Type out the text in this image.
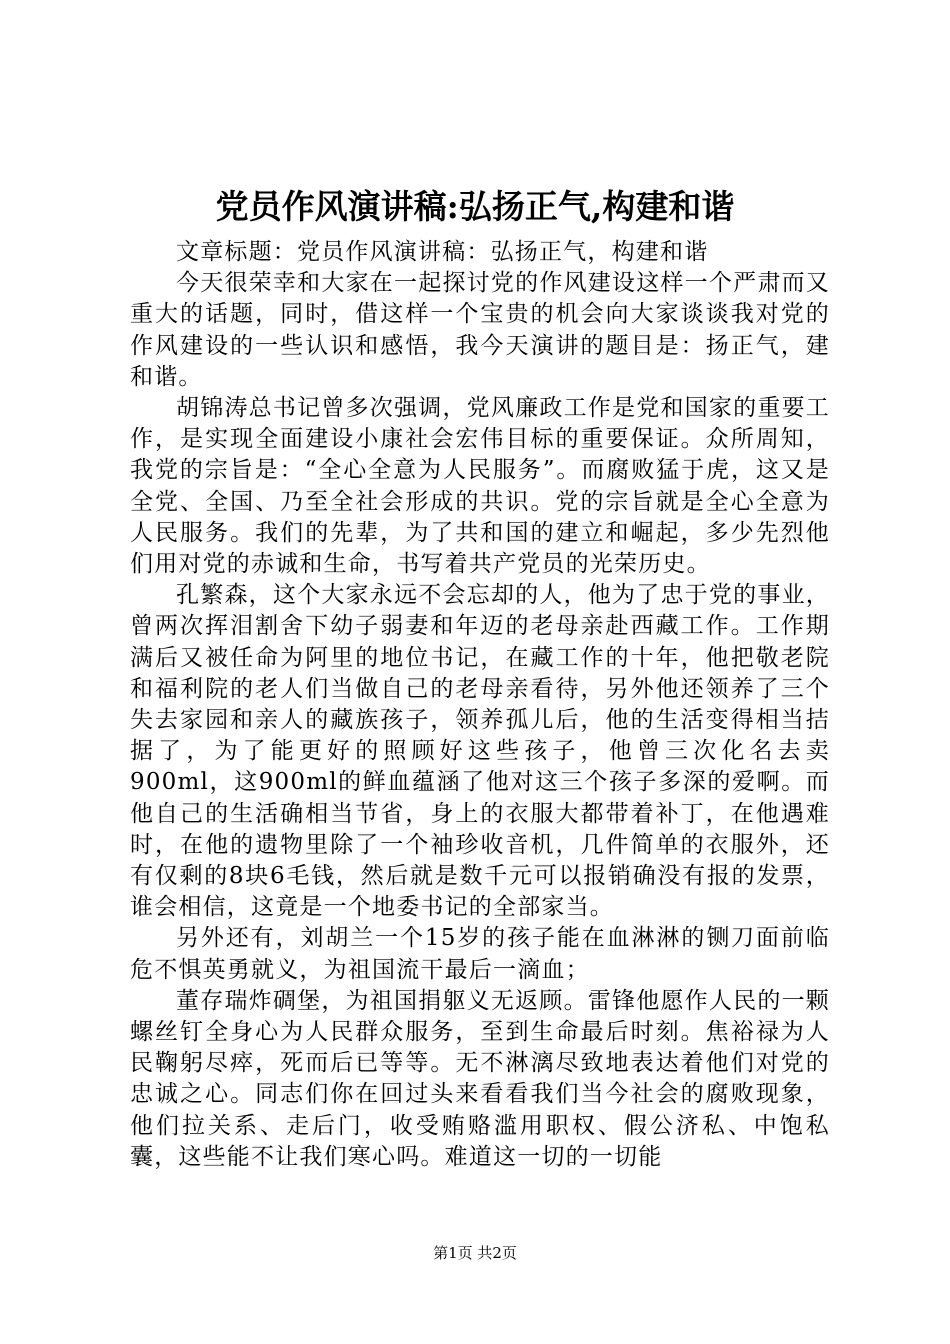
党员作风演讲稿:弘扬正气,构建和谐

文章标题：党员作风演讲稿：弘扬正气，构建和谐

今天很荣幸和大家在一起探讨党的作风建设这样一个严肃而又重大的话题，同时，借这样一个宝贵的机会向大家谈谈我对党的作风建设的一些认识和感悟，我今天演讲的题目是：扬正气，建和谐。

胡锦涛总书记曾多次强调，党风廉政工作是党和国家的重要工作，是实现全面建设小康社会宏伟目标的重要保证。众所周知，我党的宗旨是：“全心全意为人民服务”。而腐败猛于虎，这又是全党、全国、乃至全社会形成的共识。党的宗旨就是全心全意为人民服务。我们的先辈，为了共和国的建立和崛起，多少先烈他们用对党的赤诚和生命，书写着共产党员的光荣历史。

孔繁森，这个大家永远不会忘却的人，他为了忠于党的事业，曾两次挥泪割舍下幼子弱妻和年迈的老母亲赴西藏工作。工作期满后又被任命为阿里的地位书记，在藏工作的十年，他把敬老院和福利院的老人们当做自己的老母亲看待，另外他还领养了三个失去家园和亲人的藏族孩子，领养孤儿后，他的生活变得相当拮据了，为了能更好的照顾好这些孩子，他曾三次化名去卖900ml，这900ml的鲜血蕴涵了他对这三个孩子多深的爱啊。而他自己的生活确相当节省，身上的衣服大都带着补丁，在他遇难时，在他的遗物里除了一个袖珍收音机，几件简单的衣服外，还有仅剩的8块6毛钱，然后就是数千元可以报销确没有报的发票，谁会相信，这竟是一个地委书记的全部家当。

另外还有，刘胡兰一个15岁的孩子能在血淋淋的铡刀面前临危不惧英勇就义，为祖国流干最后一滴血；

董存瑞炸碉堡，为祖国捐躯义无返顾。雷锋他愿作人民的一颗螺丝钉全身心为人民群众服务，至到生命最后时刻。焦裕禄为人民鞠躬尽瘁，死而后已等等。无不淋漓尽致地表达着他们对党的忠诚之心。同志们你在回过头来看看我们当今社会的腐败现象，他们拉关系、走后门，收受贿赂滥用职权、假公济私、中饱私囊，这些能不让我们寒心吗。难道这一切的一切能

第1页 共2页
